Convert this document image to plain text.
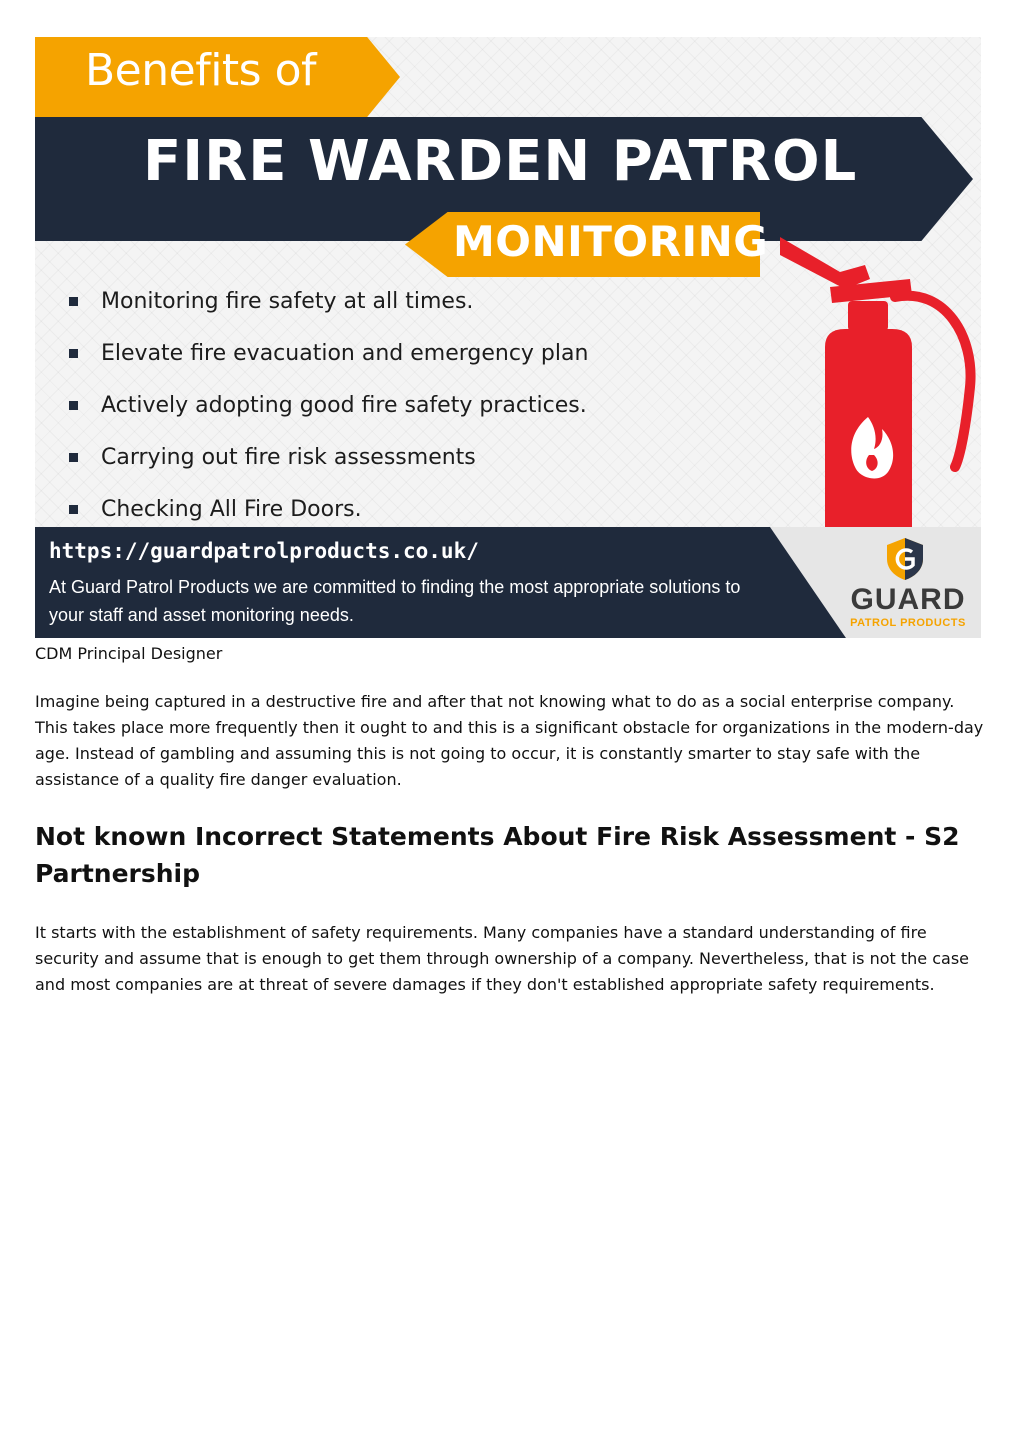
Benefits of
FIRE WARDEN PATROL
MONITORING
Monitoring fire safety at all times.
Elevate fire evacuation and emergency plan
Actively adopting good fire safety practices.
Carrying out fire risk assessments
Checking All Fire Doors.
https://guardpatrolproducts.co.uk/
At Guard Patrol Products we are committed to finding the most appropriate solutions to your staff and asset monitoring needs.	GUARD
PATROL PRODUCTS

CDM Principal Designer

Imagine being captured in a destructive fire and after that not knowing what to do as a social enterprise company. This takes place more frequently then it ought to and this is a significant obstacle for organizations in the modern-day age. Instead of gambling and assuming this is not going to occur, it is constantly smarter to stay safe with the assistance of a quality fire danger evaluation.

Not known Incorrect Statements About Fire Risk Assessment - S2 Partnership

It starts with the establishment of safety requirements. Many companies have a standard understanding of fire security and assume that is enough to get them through ownership of a company. Nevertheless, that is not the case and most companies are at threat of severe damages if they don't established appropriate safety requirements.
